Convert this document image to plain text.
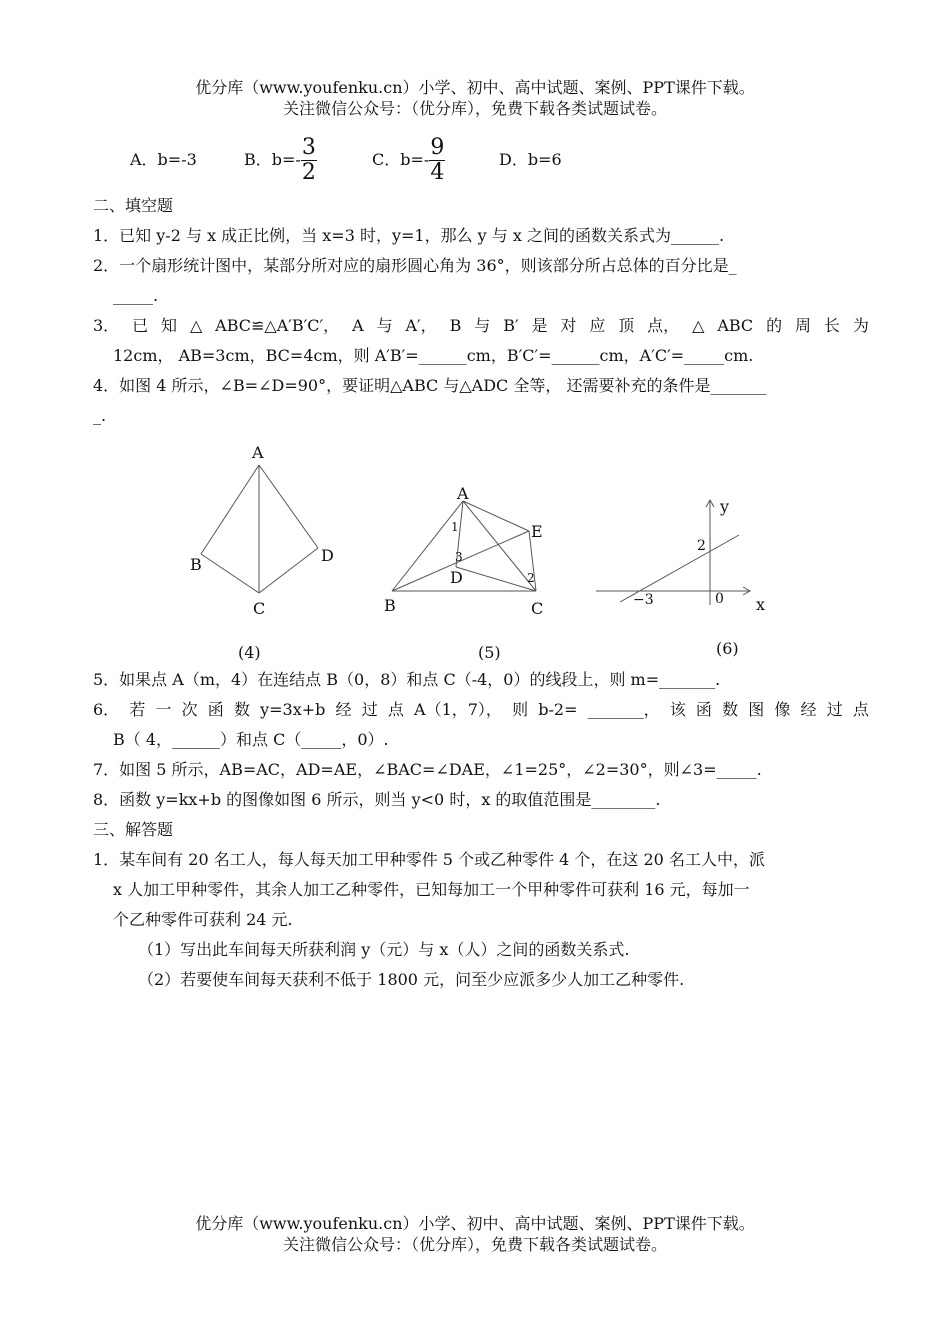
优分库（www.youfenku.cn）小学、初中、高中试题、案例、PPT课件下载。
关注微信公众号：（优分库），免费下载各类试题试卷。
A．b=-3	B．$b=- \frac{3}{2}$	C．$b=- \frac{9}{4}$	D．b=6
二、填空题
1．已知 y-2 与 x 成正比例，当 x=3 时，y=1，那么 y 与 x 之间的函数关系式为______.
2．一个扇形统计图中，某部分所对应的扇形圆心角为 36°，则该部分所占总体的百分比是_
_____.
3． 已 知 △ ABC≌△A′B′C′， A 与 A′， B 与 B′ 是 对 应 顶 点， △ ABC 的 周 长 为
12cm， AB=3cm，BC=4cm，则 A′B′=______cm，B′C′=______cm，A′C′=_____cm.
4．如图 4 所示，∠B=∠D=90°，要证明△ABC 与△ADC 全等， 还需要补充的条件是_______
_.
A
B
C
D
(4)
A
B	C
D
E
1
2
3
(5)
y
x
2
0
−3
(6)
5．如果点 A（m，4）在连结点 B（0，8）和点 C（-4，0）的线段上，则 m=_______.
6． 若 一 次 函 数 y=3x+b 经 过 点 A（1，7）， 则 b-2= _______， 该 函 数 图 像 经 过 点
B（ 4，______）和点 C（_____，0）.
7．如图 5 所示，AB=AC，AD=AE，∠BAC=∠DAE，∠1=25°，∠2=30°，则∠3=_____.
8．函数 y=kx+b 的图像如图 6 所示，则当 y<0 时，x 的取值范围是________.
三、解答题
1．某车间有 20 名工人，每人每天加工甲种零件 5 个或乙种零件 4 个，在这 20 名工人中，派
x 人加工甲种零件，其余人加工乙种零件，已知每加工一个甲种零件可获利 16 元，每加一
个乙种零件可获利 24 元.
（1）写出此车间每天所获利润 y（元）与 x（人）之间的函数关系式.
（2）若要使车间每天获利不低于 1800 元，问至少应派多少人加工乙种零件.
优分库（www.youfenku.cn）小学、初中、高中试题、案例、PPT课件下载。
关注微信公众号：（优分库），免费下载各类试题试卷。
